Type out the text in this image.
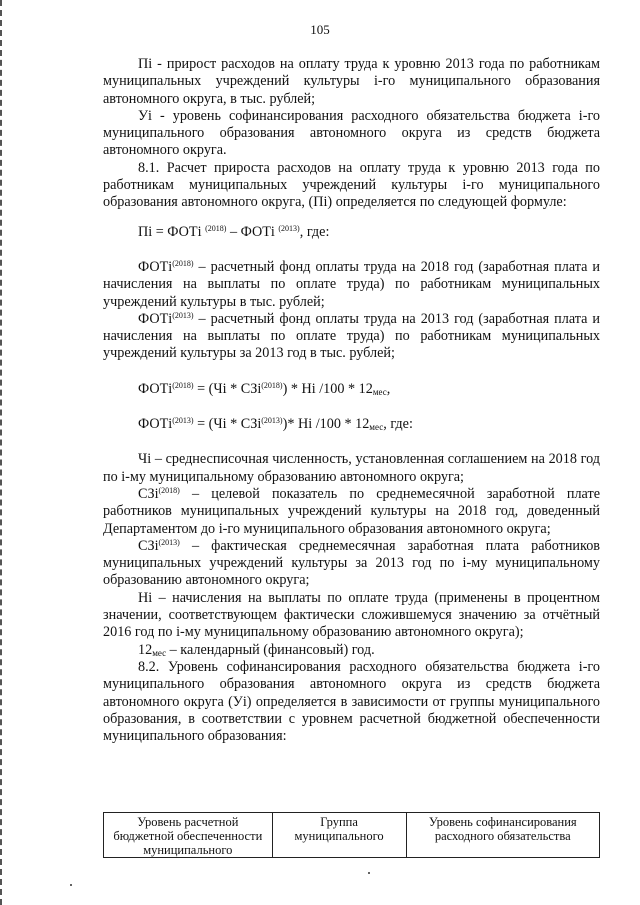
105

Пi - прирост расходов на оплату труда к уровню 2013 года по работникам муниципальных учреждений культуры i-го муниципального образования автономного округа, в тыс. рублей;

Уi - уровень софинансирования расходного обязательства бюджета i-го муниципального образования автономного округа из средств бюджета автономного округа.

8.1. Расчет прироста расходов на оплату труда к уровню 2013 года по работникам муниципальных учреждений культуры i-го муниципального образования автономного округа, (Пi) определяется по следующей формуле:

Пi = ФОТi $^{(2018)}$ – ФОТi $^{(2013)}$, где:

ФОТi$^{(2018)}$ – расчетный фонд оплаты труда на 2018 год (заработная плата и начисления на выплаты по оплате труда) по работникам муниципальных учреждений культуры в тыс. рублей;

ФОТi$^{(2013)}$ – расчетный фонд оплаты труда на 2013 год (заработная плата и начисления на выплаты по оплате труда) по работникам муниципальных учреждений культуры за 2013 год в тыс. рублей;

ФОТi$^{(2018)}$ = (Чi * СЗi$^{(2018)}$) * Нi $/100 * 12_{мес}$,

ФОТi$^{(2013)}$ = (Чi * СЗi$^{(2013)}$)* Нi $/100 * 12_{мес}$, где:

Чi – среднесписочная численность, установленная соглашением на 2018 год по i-му муниципальному образованию автономного округа;

СЗi$^{(2018)}$ – целевой показатель по среднемесячной заработной плате работников муниципальных учреждений культуры на 2018 год, доведенный Департаментом до i-го муниципального образования автономного округа;

СЗi$^{(2013)}$ – фактическая среднемесячная заработная плата работников муниципальных учреждений культуры за 2013 год по i-му муниципальному образованию автономного округа;

Нi – начисления на выплаты по оплате труда (применены в процентном значении, соответствующем фактически сложившемуся значению за отчётный 2016 год по i-му муниципальному образованию автономного округа);

$12_{мес}$ – календарный (финансовый) год.

8.2. Уровень софинансирования расходного обязательства бюджета i-го муниципального образования автономного округа из средств бюджета автономного округа (Уi) определяется в зависимости от группы муниципального образования, в соответствии с уровнем расчетной бюджетной обеспеченности муниципального образования:

Уровень расчетной бюджетной обеспеченности муниципального	Группа муниципального	Уровень софинансирования расходного обязательства
